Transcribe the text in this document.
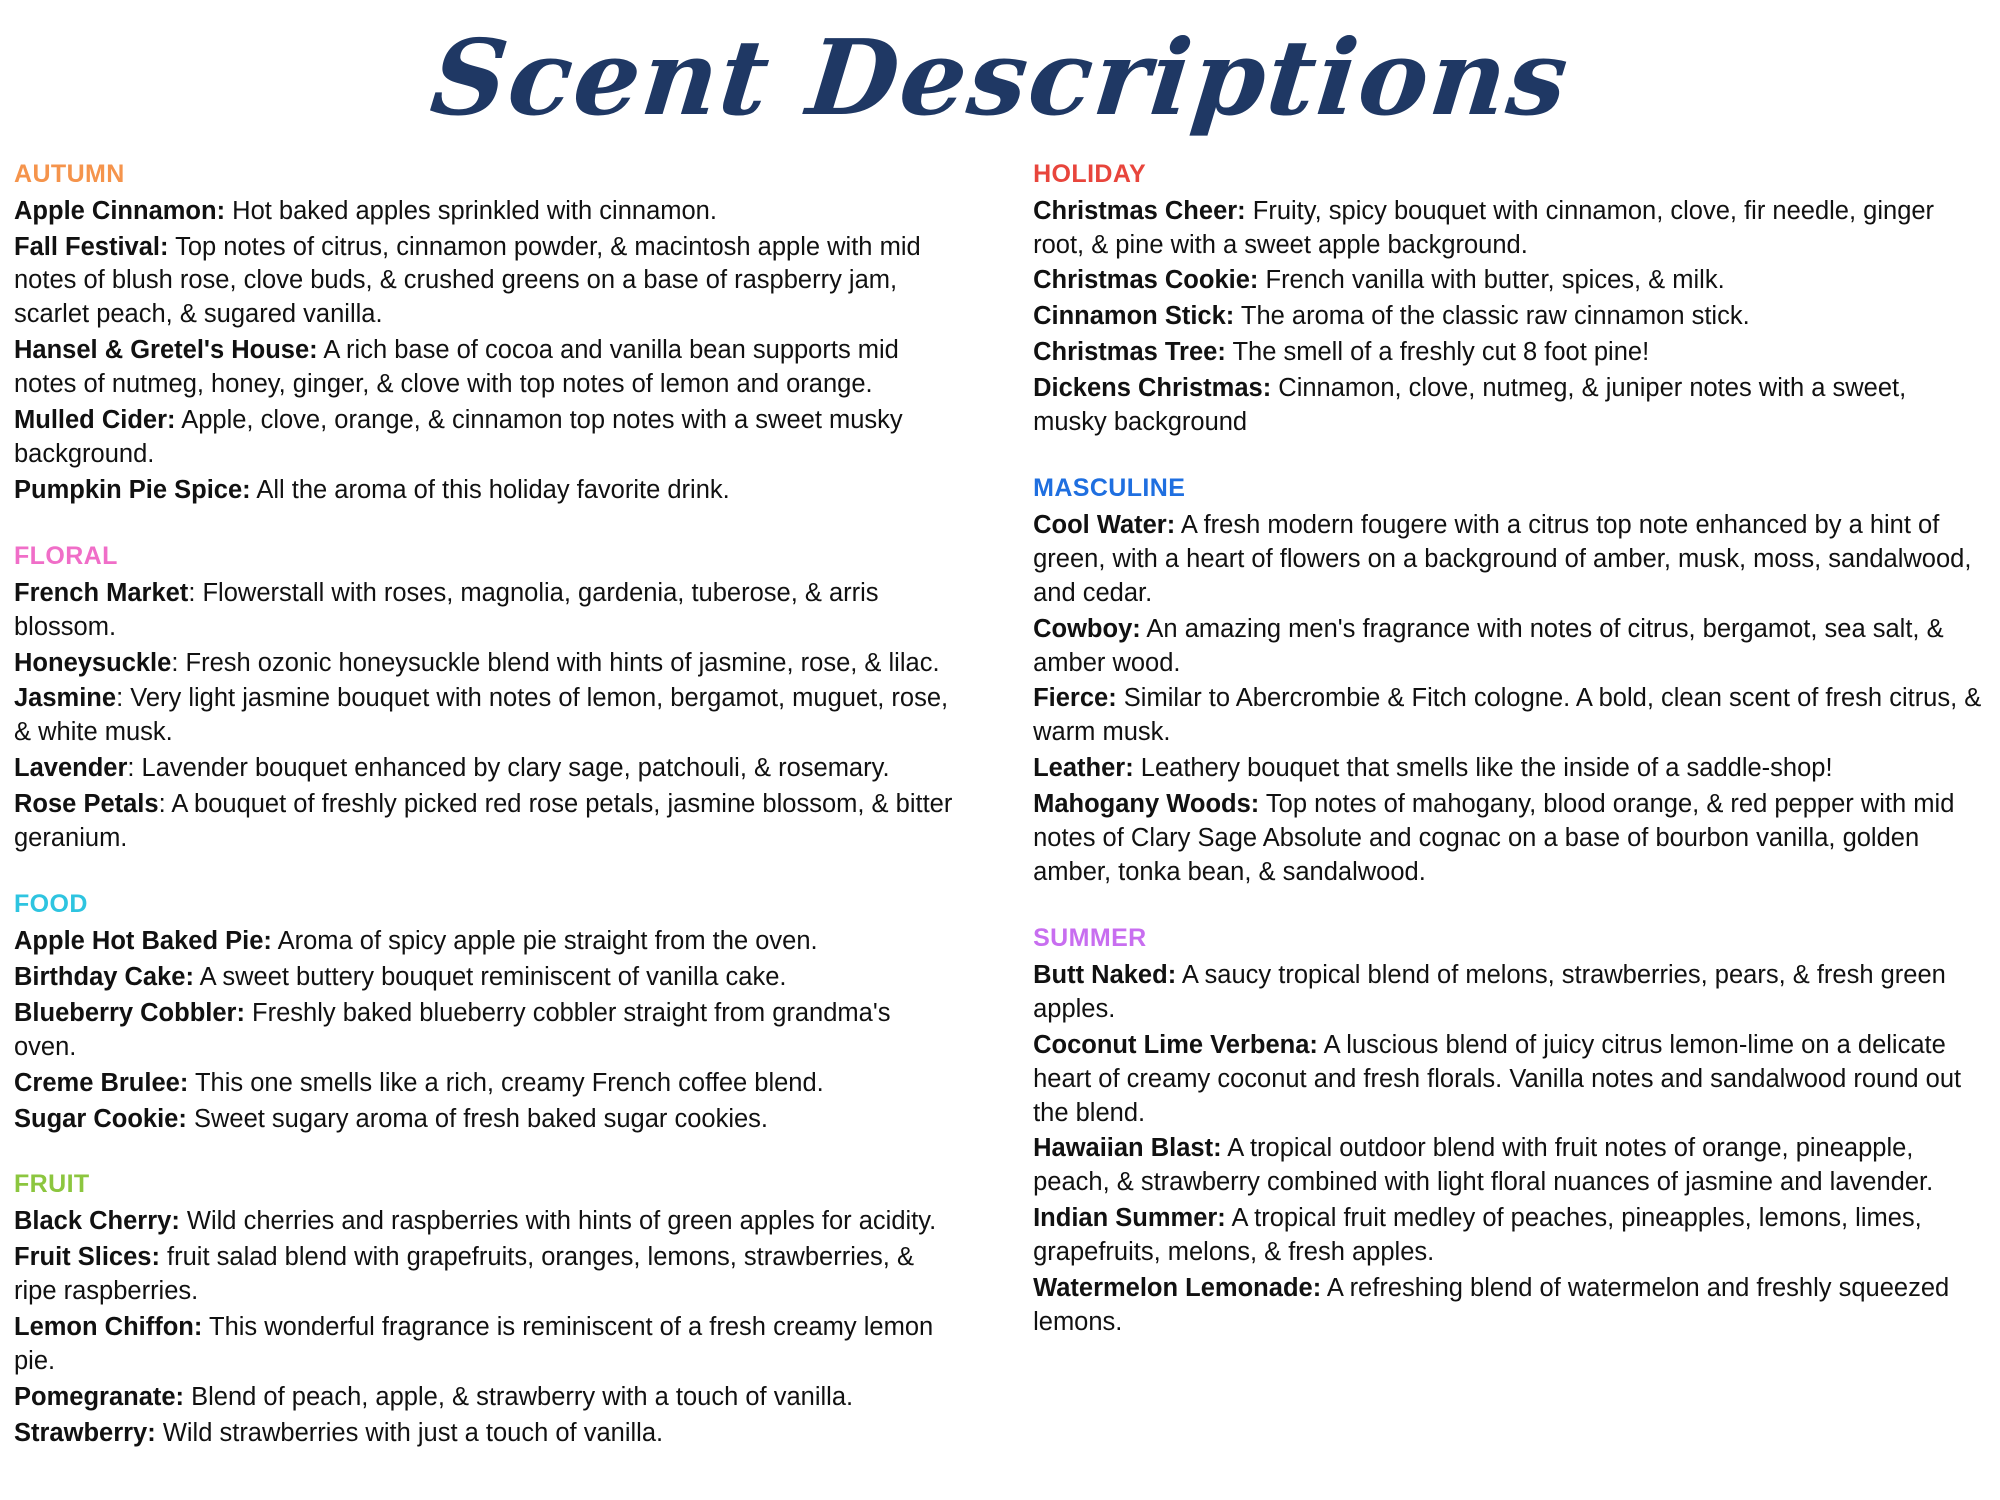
Scent Descriptions
AUTUMN

Apple Cinnamon: Hot baked apples sprinkled with cinnamon.

Fall Festival: Top notes of citrus, cinnamon powder, & macintosh apple with mid notes of blush rose, clove buds, & crushed greens on a base of raspberry jam, scarlet peach, & sugared vanilla.

Hansel & Gretel's House: A rich base of cocoa and vanilla bean supports mid notes of nutmeg, honey, ginger, & clove with top notes of lemon and orange.

Mulled Cider: Apple, clove, orange, & cinnamon top notes with a sweet musky background.

Pumpkin Pie Spice: All the aroma of this holiday favorite drink.

FLORAL

French Market: Flowerstall with roses, magnolia, gardenia, tuberose, & arris blossom.

Honeysuckle: Fresh ozonic honeysuckle blend with hints of jasmine, rose, & lilac.

Jasmine: Very light jasmine bouquet with notes of lemon, bergamot, muguet, rose, & white musk.

Lavender: Lavender bouquet enhanced by clary sage, patchouli, & rosemary.

Rose Petals: A bouquet of freshly picked red rose petals, jasmine blossom, & bitter geranium.

FOOD

Apple Hot Baked Pie: Aroma of spicy apple pie straight from the oven.

Birthday Cake: A sweet buttery bouquet reminiscent of vanilla cake.

Blueberry Cobbler: Freshly baked blueberry cobbler straight from grandma's oven.

Creme Brulee: This one smells like a rich, creamy French coffee blend.

Sugar Cookie: Sweet sugary aroma of fresh baked sugar cookies.

FRUIT

Black Cherry: Wild cherries and raspberries with hints of green apples for acidity.

Fruit Slices: fruit salad blend with grapefruits, oranges, lemons, strawberries, & ripe raspberries.

Lemon Chiffon: This wonderful fragrance is reminiscent of a fresh creamy lemon pie.

Pomegranate: Blend of peach, apple, & strawberry with a touch of vanilla.

Strawberry: Wild strawberries with just a touch of vanilla.

HOLIDAY

Christmas Cheer: Fruity, spicy bouquet with cinnamon, clove, fir needle, ginger root, & pine with a sweet apple background.

Christmas Cookie: French vanilla with butter, spices, & milk.

Cinnamon Stick: The aroma of the classic raw cinnamon stick.

Christmas Tree: The smell of a freshly cut 8 foot pine!

Dickens Christmas: Cinnamon, clove, nutmeg, & juniper notes with a sweet, musky background

MASCULINE

Cool Water: A fresh modern fougere with a citrus top note enhanced by a hint of green, with a heart of flowers on a background of amber, musk, moss, sandalwood, and cedar.

Cowboy: An amazing men's fragrance with notes of citrus, bergamot, sea salt, & amber wood.

Fierce: Similar to Abercrombie & Fitch cologne. A bold, clean scent of fresh citrus, & warm musk.

Leather: Leathery bouquet that smells like the inside of a saddle-shop!

Mahogany Woods: Top notes of mahogany, blood orange, & red pepper with mid notes of Clary Sage Absolute and cognac on a base of bourbon vanilla, golden amber, tonka bean, & sandalwood.

SUMMER

Butt Naked: A saucy tropical blend of melons, strawberries, pears, & fresh green apples.

Coconut Lime Verbena: A luscious blend of juicy citrus lemon-lime on a delicate heart of creamy coconut and fresh florals. Vanilla notes and sandalwood round out the blend.

Hawaiian Blast: A tropical outdoor blend with fruit notes of orange, pineapple, peach, & strawberry combined with light floral nuances of jasmine and lavender.

Indian Summer: A tropical fruit medley of peaches, pineapples, lemons, limes, grapefruits, melons, & fresh apples.

Watermelon Lemonade: A refreshing blend of watermelon and freshly squeezed lemons.
